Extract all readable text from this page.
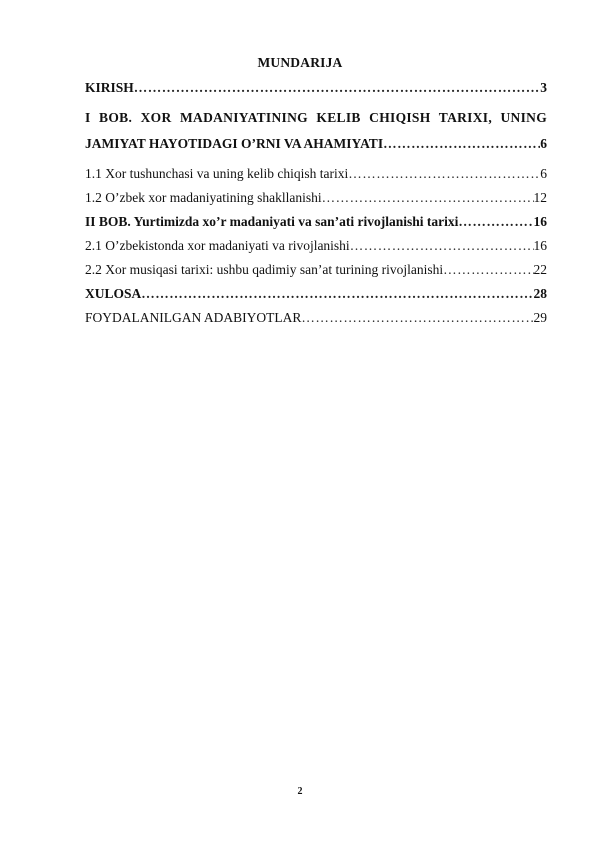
MUNDARIJA
KIRISH ……………………………………………………………………………………………………………………………………………………………………………………………………	3
I BOB. XOR MADANIYATINING KELIB CHIQISH TARIXI, UNING
JAMIYAT HAYOTIDAGI O’RNI VA AHAMIYATI ……………………………………………………………………………………………………………………………………………………………………………………………………	6
1.1 Xor tushunchasi va uning kelib chiqish tarixi ……………………………………………………………………………………………………………………………………………………………………………………………………	6
1.2 O’zbek xor madaniyatining shakllanishi ……………………………………………………………………………………………………………………………………………………………………………………………………	12
II BOB. Yurtimizda xo’r madaniyati va san’ati rivojlanishi tarixi ……………………………………………………………………………………………………………………………………………………………………………………………………	16
2.1 O’zbekistonda xor madaniyati va rivojlanishi ……………………………………………………………………………………………………………………………………………………………………………………………………	16
2.2 Xor musiqasi tarixi: ushbu qadimiy san’at turining rivojlanishi ……………………………………………………………………………………………………………………………………………………………………………………………………	22
XULOSA ……………………………………………………………………………………………………………………………………………………………………………………………………	28
FOYDALANILGAN ADABIYOTLAR ……………………………………………………………………………………………………………………………………………………………………………………………………	29
2
